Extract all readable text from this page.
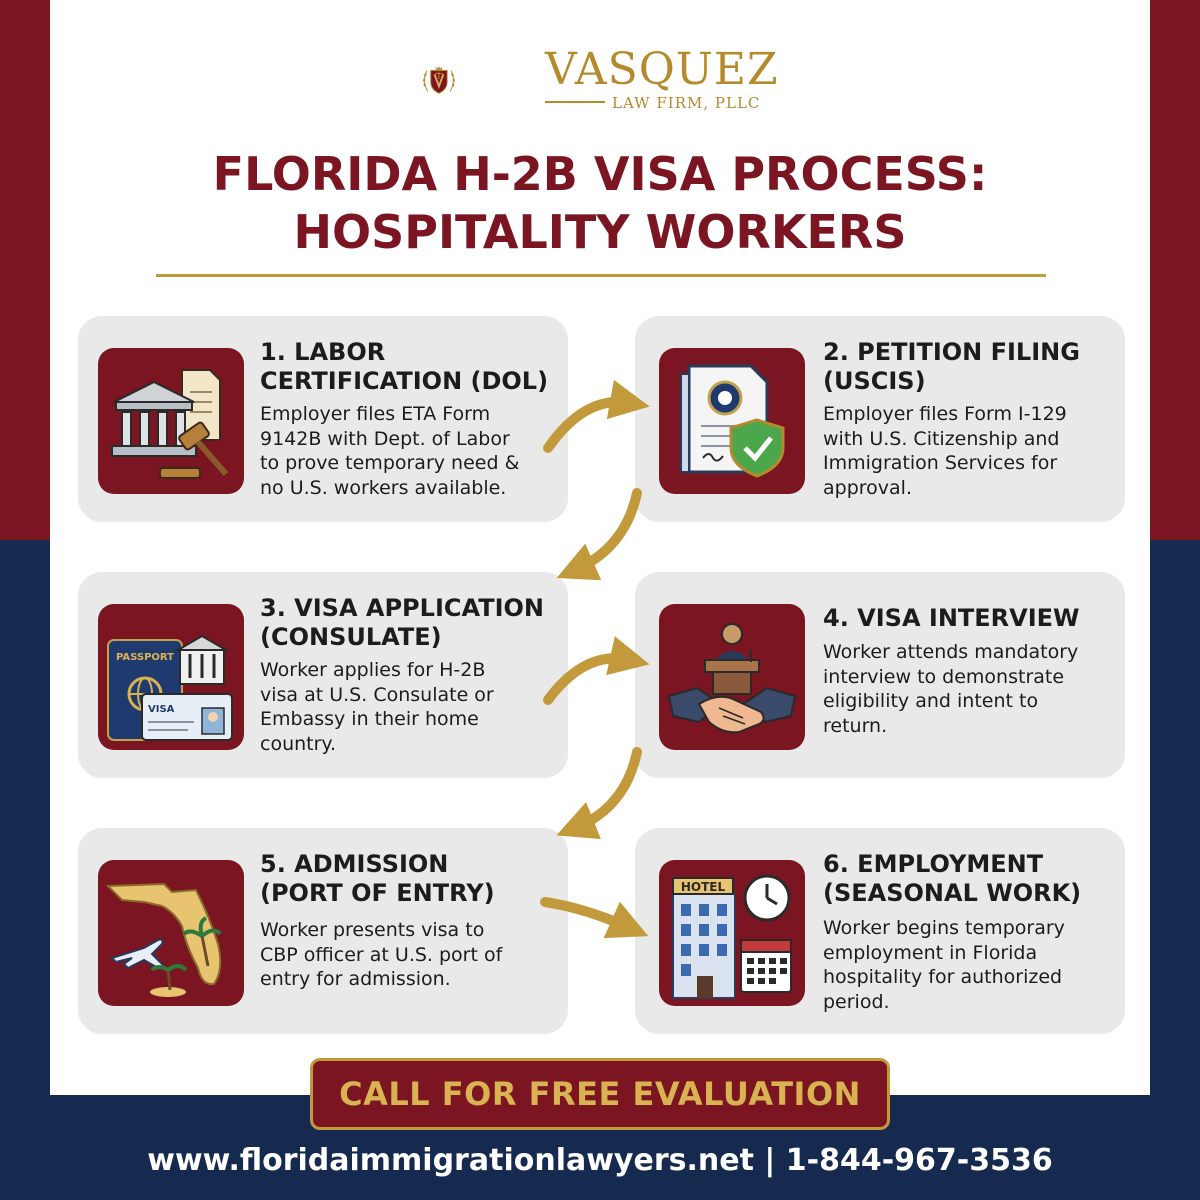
VASQUEZ
LAW FIRM, PLLC
FLORIDA H-2B VISA PROCESS:
HOSPITALITY WORKERS
1. LABOR
CERTIFICATION (DOL)
Employer files ETA Form
9142B with Dept. of Labor
to prove temporary need &
no U.S. workers available.
2. PETITION FILING
(USCIS)
Employer files Form I-129
with U.S. Citizenship and
Immigration Services for
approval.
PASSPORT
VISA
3. VISA APPLICATION
(CONSULATE)
Worker applies for H-2B
visa at U.S. Consulate or
Embassy in their home
country.
4. VISA INTERVIEW
Worker attends mandatory
interview to demonstrate
eligibility and intent to
return.
5. ADMISSION
(PORT OF ENTRY)
Worker presents visa to
CBP officer at U.S. port of
entry for admission.
HOTEL
6. EMPLOYMENT
(SEASONAL WORK)
Worker begins temporary
employment in Florida
hospitality for authorized
period.
CALL FOR FREE EVALUATION
www.floridaimmigrationlawyers.net | 1-844-967-3536
